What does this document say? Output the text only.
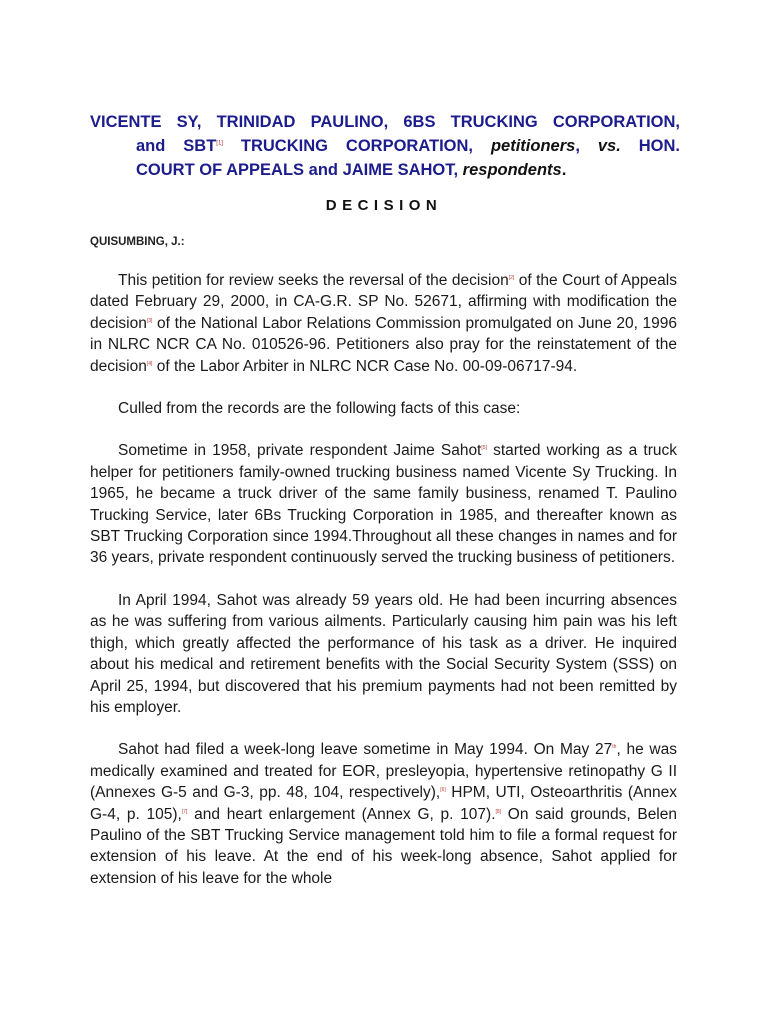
VICENTE SY, TRINIDAD PAULINO, 6BS TRUCKING CORPORATION,
and SBT[1] TRUCKING CORPORATION, petitioners, vs. HON.
COURT OF APPEALS and JAIME SAHOT, respondents.
DECISION
QUISUMBING, J.:

This petition for review seeks the reversal of the decision[2] of the Court of Appeals dated February 29, 2000, in CA-G.R. SP No. 52671, affirming with modification the decision[3] of the National Labor Relations Commission promulgated on June 20, 1996 in NLRC NCR CA No. 010526-96. Petitioners also pray for the reinstatement of the decision[4] of the Labor Arbiter in NLRC NCR Case No. 00-09-06717-94.

Culled from the records are the following facts of this case:

Sometime in 1958, private respondent Jaime Sahot[5] started working as a truck helper for petitioners family-owned trucking business named Vicente Sy Trucking. In 1965, he became a truck driver of the same family business, renamed T. Paulino Trucking Service, later 6Bs Trucking Corporation in 1985, and thereafter known as SBT Trucking Corporation since 1994.Throughout all these changes in names and for 36 years, private respondent continuously served the trucking business of petitioners.

In April 1994, Sahot was already 59 years old. He had been incurring absences as he was suffering from various ailments. Particularly causing him pain was his left thigh, which greatly affected the performance of his task as a driver. He inquired about his medical and retirement benefits with the Social Security System (SSS) on April 25, 1994, but discovered that his premium payments had not been remitted by his employer.

Sahot had filed a week-long leave sometime in May 1994. On May 27th, he was medically examined and treated for EOR, presleyopia, hypertensive retinopathy G II (Annexes G-5 and G-3, pp. 48, 104, respectively),[6] HPM, UTI, Osteoarthritis (Annex G-4, p. 105),[7] and heart enlargement (Annex G, p. 107).[8] On said grounds, Belen Paulino of the SBT Trucking Service management told him to file a formal request for extension of his leave. At the end of his week-long absence, Sahot applied for extension of his leave for the whole
